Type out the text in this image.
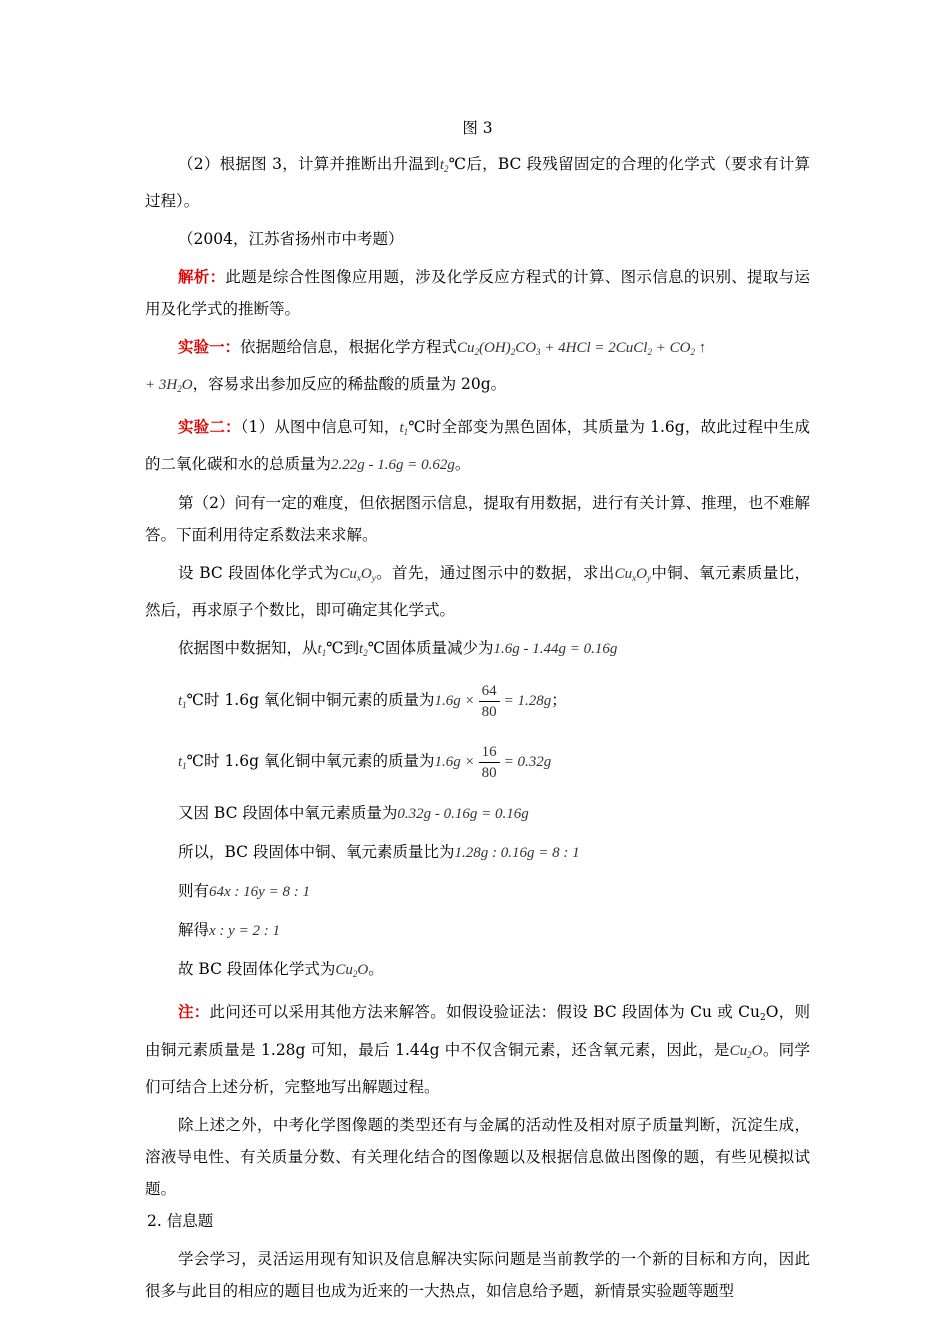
图 3

（2）根据图 3，计算并推断出升温到$t_2℃$后，BC 段残留固定的合理的化学式（要求有计算过程）。

（2004，江苏省扬州市中考题）

解析：此题是综合性图像应用题，涉及化学反应方程式的计算、图示信息的识别、提取与运用及化学式的推断等。

实验一：依据题给信息，根据化学方程式$Cu_2(OH)_2CO_3 + 4HCl$ = 2CuCl$_2$ + $CO_2$ ↑
+ $3H_2O$，容易求出参加反应的稀盐酸的质量为 20g。

实验二：（1）从图中信息可知，$t_1℃$时全部变为黑色固体，其质量为 1.6g，故此过程中生成的二氧化碳和水的总质量为2.22g - 1.6g = 0.62g。

第（2）问有一定的难度，但依据图示信息，提取有用数据，进行有关计算、推理，也不难解答。下面利用待定系数法来求解。

设 BC 段固体化学式为$Cu_xO_y$。首先，通过图示中的数据，求出$Cu_xO_y$中铜、氧元素质量比，然后，再求原子个数比，即可确定其化学式。

依据图中数据知，从$t_1℃$到$t_2℃$固体质量减少为1.6g - 1.44g = 0.16g

$t_1℃$时 1.6g 氧化铜中铜元素的质量为$1.6g \times \frac{64}{80} = 1.28g$；

$t_1℃$时 1.6g 氧化铜中氧元素的质量为$1.6g \times \frac{16}{80} = 0.32g$

又因 BC 段固体中氧元素质量为0.32g - 0.16g = 0.16g

所以，BC 段固体中铜、氧元素质量比为1.28g : 0.16g = 8 : 1

则有64x : 16y = 8 : 1

解得x : y = 2 : 1

故 BC 段固体化学式为$Cu_2O$。

注：此问还可以采用其他方法来解答。如假设验证法：假设 BC 段固体为 Cu 或 $Cu_2O$，则由铜元素质量是 1.28g 可知，最后 1.44g 中不仅含铜元素，还含氧元素，因此，是$Cu_2O$。同学们可结合上述分析，完整地写出解题过程。

除上述之外，中考化学图像题的类型还有与金属的活动性及相对原子质量判断，沉淀生成，溶液导电性、有关质量分数、有关理化结合的图像题以及根据信息做出图像的题，有些见模拟试题。

2. 信息题

学会学习，灵活运用现有知识及信息解决实际问题是当前教学的一个新的目标和方向，因此很多与此目的相应的题目也成为近来的一大热点，如信息给予题，新情景实验题等题型
